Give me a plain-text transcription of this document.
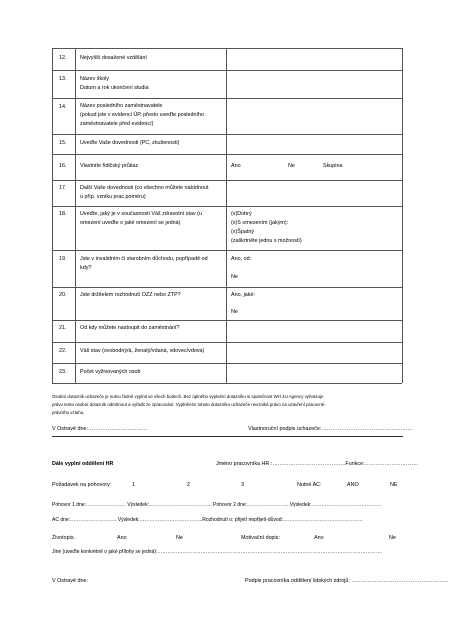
12.	Nejvyšší dosažené vzdělání
13.	Název školy
Datum a rok ukončení studia
14.	Název posledního zaměstnavatele
(pokud jste v evidenci ÚP, přesto uveďte posledního
zaměstnavatele před evidencí)
15.	Uveďte Vaše dovednosti (PC, zkušenosti)
16.	Vlastníte řidičský průkaz	Ano	Ne	Skupina
17.	Další Vaše dovednosti (co všechno můžete nabídnout
u příp. vzniku prac.poměru)
18.	Uveďte, jaký je v současnosti Váš zdravotní stav (u
omezení uveďte o jaké omezení se jedná)
(x)Dobrý
(x)S omezením (jakým):
(x)Špatný
(zaškrtněte jednu s možností)
19.	Jste v invalidním či starobním důchodu, popřípadě od
kdy?
Ano, od:
Ne
20.	Jste držitelem rozhodnutí OZZ nebo ZTP?	Ano, jaké:
Ne
21.	Od kdy můžete nastoupit do zaměstnání?
22.	Váš stav (svobodný/á, ženatý/vdaná, vdovec/vdova)
23.	Počet vyživovaných osob
Osobní dotazník uchazeče je nutno řádně vyplnit ve všech bodech. Bez úplného vyplnění dotazníku si společnost WH 4U Agency vyhrazuje
právo tento osobní dotazník odmítnout a vyřadit ze zpracování. Vyplněním tohoto dotazníku uchazeče nevzniká právo na uzavření pracovně-
právního vztahu.
V Ostravě dne:……………………………	Vlastnoruční podpis uchazeče:……………………………………………
Dále vyplní oddělení HR	Jméno pracovníka HR :…………………………………..Funkce:…………………………
Požadavek na pohovory:	1	2	3	Nutné AC:	ANO	NE
Pohovor 1 dne:…………………… Výsledek:……………………………….. Pohovor 2 dne:……………………..Výsledek:……………………………………
AC dne:………………………. Výsledek:………………………………..Rozhodnutí o: přijetí nepřijetí-důvod:…………………………………………
Životopis.	Ano	Ne	Motivační dopis:	Ano	Ne
Jiné (uveďte konkrétně o jaké přílohy se jedná):………………………………………………………………………………………………………………………
V Ostravě dne:	Podpis pracovníka oddělení lidských zdrojů: ………………………………………………
